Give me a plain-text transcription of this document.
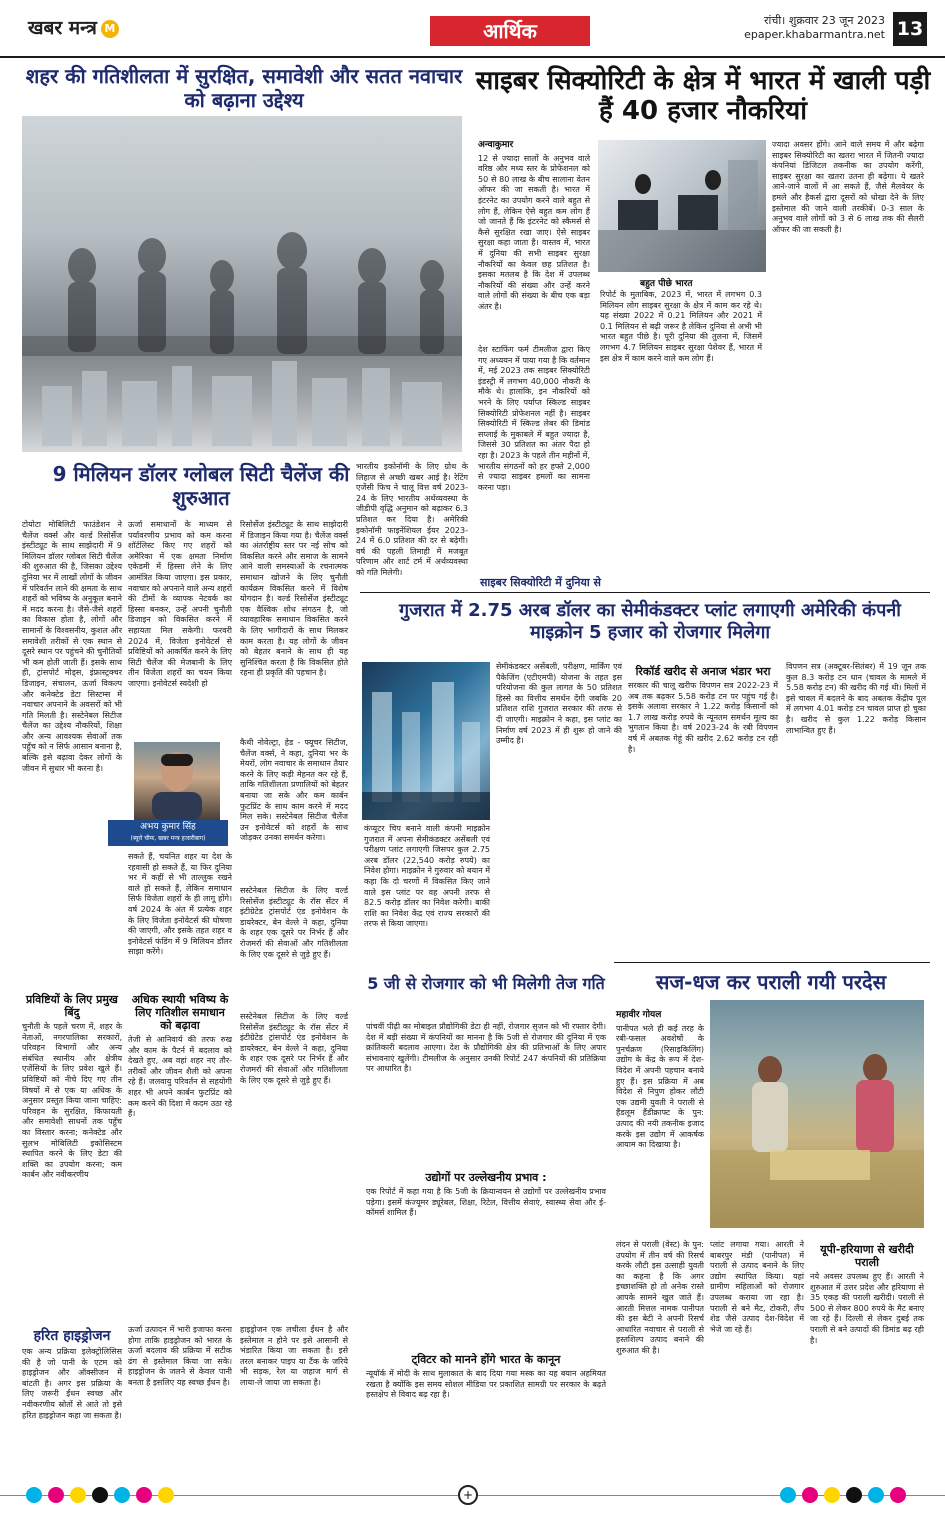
खबर मन्त्र M	आर्थिक	रांची। शुक्रवार 23 जून 2023
epaper.khabarmantra.net 13
शहर की गतिशीलता में सुरक्षित, समावेशी और सतत नवाचार को बढ़ाना उद्देश्य
9 मिलियन डॉलर ग्लोबल सिटी चैलेंज की शुरुआत
टोयोटा मोबिलिटी फाउंडेशन ने चैलेंज वर्क्स और वर्ल्ड रिसोर्सेज इंस्टीट्यूट के साथ साझेदारी में 9 मिलियन डॉलर ग्लोबल सिटी चैलेंज की शुरुआत की है, जिसका उद्देश्य दुनिया भर में लाखों लोगों के जीवन में परिवर्तन लाने की क्षमता के साथ शहरों को भविष्य के अनुकूल बनाने में मदद करना है। जैसे-जैसे शहरों का विकास होता है, लोगों और सामानों के विश्वसनीय, कुशल और समावेशी तरीकों से एक स्थान से दूसरे स्थान पर पहुंचने की चुनौतियों भी कम होती जाती हैं। इसके साथ ही, ट्रांसपोर्ट मोड्स, इंफ्रास्ट्रक्चर डिजाइन, संचालन, ऊर्जा विकल्प और कनेक्टेड डेटा सिस्टम्स में नवाचार अपनाने के अवसरों को भी गति मिलती है। सस्टेनेबल सिटीज चैलेंज का उद्देश्य नौकरियों, शिक्षा और अन्य आवश्यक सेवाओं तक पहुँच को न सिर्फ आसान बनाना है, बल्कि इसे बढ़ावा देकर लोगों के जीवन में सुधार भी करना है।
ऊर्जा समाधानों के माध्यम से पर्यावरणीय प्रभाव को कम करना शॉर्टलिस्ट किए गए शहरों को अमेरिका में एक क्षमता निर्माण एकेडमी में हिस्सा लेने के लिए आमंत्रित किया जाएगा। इस प्रकार, नवाचार को अपनाने वाले अन्य शहरों की टीमों के व्यापक नेटवर्क का हिस्सा बनकर, उन्हें अपनी चुनौती डिजाइन को विकसित करने में सहायता मिल सकेगी। फरवरी 2024 में, विजेता इनोवेटर्स से प्रविष्टियों को आकर्षित करने के लिए सिटी चैलेंज की मेजबानी के लिए तीन विजेता शहरों का चयन किया जाएगा। इनोवेटर्स स्वदेशी हो
रिसोर्सेज इंस्टीट्यूट के साथ साझेदारी में डिजाइन किया गया है। चैलेंज वर्क्स का अंतर्राष्ट्रीय स्तर पर नई सोच को विकसित करने और समाज के सामने आने वाली समस्याओं के रचनात्मक समाधान खोजने के लिए चुनौती कार्यक्रम विकसित करने में विशेष योगदान है। वर्ल्ड रिसोर्सेज इंस्टीट्यूट एक वैश्विक शोध संगठन है, जो व्यावहारिक समाधान विकसित करने के लिए भागीदारों के साथ मिलकर काम करता है। यह लोगों के जीवन को बेहतर बनाने के साथ ही यह सुनिश्चित करता है कि विकसित होते रहना ही प्रकृति की पहचान है।
भारतीय इकोनॉमी के लिए ग्रोथ के लिहाज से अच्छी खबर आई है। रेटिंग एजेंसी फिच ने चालू वित्त वर्ष 2023-24 के लिए भारतीय अर्थव्यवस्था के जीडीपी वृद्धि अनुमान को बढ़ाकर 6.3 प्रतिशत कर दिया है। अमेरिकी इकोनॉमी फाइनेंशियल ईयर 2023-24 में 6.0 प्रतिशत की दर से बढ़ेगी। वर्ष की पहली तिमाही में मजबूत परिणाम और शार्ट टर्म में अर्थव्यवस्था को गति मिलेगी।
अभय कुमार सिंह
(ब्यूरो चीफ, खबर मन्त्र हजारीबाग)
कैथी नोवेल्ट्रा, हेड - फ्यूचर सिटीज, चैलेंज वर्क्स, ने कहा, दुनिया भर के मेयरों, लोग नवाचार के समाधान तैयार करने के लिए कड़ी मेहनत कर रहे हैं, ताकि गतिशीलता प्रणालियों को बेहतर बनाया जा सके और कम कार्बन फुटप्रिंट के साथ काम करने में मदद मिल सके। सस्टेनेबल सिटीज चैलेंज उन इनोवेटर्स को शहरों के साथ जोड़कर उनका समर्थन करेगा।
सकते हैं, चयनित शहर या देश के रहवासी हो सकते हैं, या फिर दुनिया भर में कहीं से भी ताल्लुक रखने वाले हो सकते हैं, लेकिन समाधान सिर्फ विजेता शहरों के ही लागू होंगे। वर्ष 2024 के अंत में प्रत्येक शहर के लिए विजेता इनोवेटर्स की घोषणा की जाएगी, और इसके तहत शहर व इनोवेटर्स फंडिंग में 9 मिलियन डॉलर साझा करेंगे।
सस्टेनेबल सिटीज के लिए वर्ल्ड रिसोर्सेज इंस्टीट्यूट के रॉस सेंटर में इंटीग्रेटेड ट्रांसपोर्ट एंड इनोवेशन के डायरेक्टर, बेन वेल्ले ने कहा, दुनिया के शहर एक दूसरे पर निर्भर हैं और रोजमर्रा की सेवाओं और गतिशीलता के लिए एक दूसरे से जुड़े हुए हैं।
प्रविष्टियों के लिए प्रमुख बिंदु
चुनौती के पहले चरण में, शहर के नेताओं, नगरपालिका सरकारों, परिवहन विभागों और अन्य संबंधित स्थानीय और क्षेत्रीय एजेंसियों के लिए प्रवेश खुले हैं। प्रविष्टियों को नीचे दिए गए तीन विषयों में से एक या अधिक के अनुसार प्रस्तुत किया जाना चाहिए: परिवहन के सुरक्षित, किफायती और समावेशी साधनों तक पहुँच का विस्तार करना; कनेक्टेड और सुलभ मोबिलिटी इकोसिस्टम स्थापित करने के लिए डेटा की शक्ति का उपयोग करना; कम कार्बन और नवीकरणीय
अधिक स्थायी भविष्य के लिए गतिशील समाधान को बढ़ावा
तेजी से आनिवार्य की तरफ रुख और काम के पैटर्न में बदलाव को देखते हुए, अब वहां शहर नए तौर-तरीकों और जीवन शैली को अपना रहे हैं। जलवायु परिवर्तन से सहयोगी शहर भी अपने कार्बन फुटप्रिंट को कम करने की दिशा में कदम उठा रहे हैं।
सस्टेनेबल सिटीज के लिए वर्ल्ड रिसोर्सेज इंस्टीट्यूट के रॉस सेंटर में इंटीग्रेटेड ट्रांसपोर्ट एंड इनोवेशन के डायरेक्टर, बेन वेल्ले ने कहा, दुनिया के शहर एक दूसरे पर निर्भर हैं और रोजमर्रा की सेवाओं और गतिशीलता के लिए एक दूसरे से जुड़े हुए हैं।
हरित हाइड्रोजन
एक अन्य प्रक्रिया इलेक्ट्रोलिसिस की है जो पानी के एटम को हाइड्रोजन और ऑक्सीजन में बांटती है। अगर इस प्रक्रिया के लिए जरूरी ईंधन स्वच्छ और नवीकरणीय स्रोतों से आते तो इसे हरित हाइड्रोजन कहा जा सकता है।
ऊर्जा उत्पादन में भारी इजाफा करना होगा ताकि हाइड्रोजन को भारत के ऊर्जा बदलाव की प्रक्रिया में सटीक ढंग से इस्तेमाल किया जा सके। हाइड्रोजन के जलने से केवल पानी बनता है इसलिए यह स्वच्छ ईंधन है।
हाइड्रोजन एक लचीला ईंधन है और इस्तेमाल न होने पर इसे आसानी से भंडारित किया जा सकता है। इसे तरल बनाकर पाइप या टैंक के जरिये भी सड़क, रेल या जहाज मार्ग से लाया-ले जाया जा सकता है।
साइबर सिक्योरिटी के क्षेत्र में भारत में खाली पड़ी हैं 40 हजार नौकरियां
अन्वाकुमार
12 से ज्यादा सालों के अनुभव वाले वरिष्ठ और मध्य स्तर के प्रोफेशनल को 50 से 80 लाख के बीच सालाना वेतन ऑफर की जा सकती है। भारत में इंटरनेट का उपयोग करने वाले बहुत से लोग हैं, लेकिन ऐसे बहुत कम लोग हैं जो जानते हैं कि इंटरनेट को स्कैमर्स से कैसे सुरक्षित रखा जाए। ऐसे साइबर सुरक्षा कहा जाता है। वास्तव में, भारत में दुनिया की सभी साइबर सुरक्षा नौकरियों का केवल छह प्रतिशत है। इसका मतलब है कि देश में उपलब्ध नौकरियों की संख्या और उन्हें करने वाले लोगों की संख्या के बीच एक बड़ा अंतर है।
देश स्टाफिंग फर्म टीमलीज द्वारा किए गए अध्ययन में पाया गया है कि वर्तमान में, मई 2023 तक साइबर सिक्योरिटी इंडस्ट्री में लगभग 40,000 नौकरी के मौके थे। हालांकि, इन नौकरियों को भरने के लिए पर्याप्त स्किल्ड साइबर सिक्योरिटी प्रोफेशनल नहीं है। साइबर सिक्योरिटी में स्किल्ड लेबर की डिमांड सप्लाई के मुकाबले में बहुत ज्यादा है, जिससे 30 प्रतिशत का अंतर पैदा हो रहा है। 2023 के पहले तीन महीनों में, भारतीय संगठनों को हर हफ्ते 2,000 से ज्यादा साइबर हमलों का सामना करना पड़ा।
बहुत पीछे भारत
रिपोर्ट के मुताबिक, 2023 में, भारत में लगभग 0.3 मिलियन लोग साइबर सुरक्षा के क्षेत्र में काम कर रहे थे। यह संख्या 2022 में 0.21 मिलियन और 2021 में 0.1 मिलियन से बढ़ी जरूर है लेकिन दुनिया से अभी भी भारत बहुत पीछे है। पूरी दुनिया की तुलना में, जिसमें लगभग 4.7 मिलियन साइबर सुरक्षा पेशेवर हैं, भारत में इस क्षेत्र में काम करने वाले कम लोग हैं।
ज्यादा अवसर होंगे। आने वाले समय में और बढ़ेगा साइबर सिक्योरिटी का खतरा भारत में जितनी ज्यादा कंपनियां डिजिटल तकनीक का उपयोग करेंगी, साइबर सुरक्षा का खतरा उतना ही बढ़ेगा। ये खतरे आने-जाने वालों में आ सकते हैं, जैसे मैलवेयर के हमले और हैकर्स द्वारा दूसरों को धोखा देने के लिए इस्तेमाल की जाने वाली तरकीबें। 0-3 साल के अनुभव वाले लोगों को 3 से 6 लाख तक की सैलरी ऑफर की जा सकती है।
साइबर सिक्योरिटी में दुनिया से
गुजरात में 2.75 अरब डॉलर का सेमीकंडक्टर प्लांट लगाएगी अमेरिकी कंपनी माइक्रोन 5 हजार को रोजगार मिलेगा
कंप्यूटर चिप बनाने वाली कंपनी माइक्रोन गुजरात में अपना सेमीकंडक्टर असेंबली एवं परीक्षण प्लांट लगाएगी जिसपर कुल 2.75 अरब डॉलर (22,540 करोड़ रुपये) का निवेश होगा। माइक्रोन ने गुरुवार को बयान में कहा कि दो चरणों में विकसित किए जाने वाले इस प्लांट पर वह अपनी तरफ से 82.5 करोड़ डॉलर का निवेश करेगी। बाकी राशि का निवेश केंद्र एवं राज्य सरकारों की तरफ से किया जाएगा।
सेमीकंडक्टर असेंबली, परीक्षण, मार्किंग एवं पैकेजिंग (एटीएमपी) योजना के तहत इस परियोजना की कुल लागत के 50 प्रतिशत हिस्से का वित्तीय समर्थन देंगी जबकि 20 प्रतिशत राशि गुजरात सरकार की तरफ से दी जाएगी। माइक्रोन ने कहा, इस प्लांट का निर्माण वर्ष 2023 में ही शुरू हो जाने की उम्मीद है।
रिकॉर्ड खरीद से अनाज भंडार भरा
सरकार की चालू खरीफ विपणन सत्र 2022-23 में अब तक बढ़कर 5.58 करोड़ टन पर पहुंच गई है। इसके अलावा सरकार ने 1.22 करोड़ किसानों को 1.7 लाख करोड़ रुपये के न्यूनतम समर्थन मूल्य का भुगतान किया है। वर्ष 2023-24 के रबी विपणन वर्ष में अबतक गेहूं की खरीद 2.62 करोड़ टन रही है।
विपणन सत्र (अक्टूबर-सितंबर) में 19 जून तक कुल 8.3 करोड़ टन धान (चावल के मामले में 5.58 करोड़ टन) की खरीद की गई थी। मिलों में इसे चावल में बदलने के बाद अबतक केंद्रीय पूल में लगभग 4.01 करोड़ टन चावल प्राप्त हो चुका है। खरीद से कुल 1.22 करोड़ किसान लाभान्वित हुए हैं।
5 जी से रोजगार को भी मिलेगी तेज गति
पांचवीं पीढ़ी का मोबाइल प्रौद्योगिकी डेटा ही नहीं, रोजगार सृजन को भी रफ्तार देगी। देश में बड़ी संख्या में कंपनियों का मानना है कि 5जी से रोजगार की दुनिया में एक क्रांतिकारी बदलाव आएगा। देश के प्रौद्योगिकी क्षेत्र की प्रतिभाओं के लिए अपार संभावनाएं खुलेंगी। टीमलीज के अनुसार उनकी रिपोर्ट 247 कंपनियों की प्रतिक्रिया पर आधारित है।
उद्योगों पर उल्लेखनीय प्रभाव :
एक रिपोर्ट में कहा गया है कि 5जी के क्रियान्वयन से उद्योगों पर उल्लेखनीय प्रभाव पड़ेगा। इसमें कंज्यूमर ड्यूरेबल, शिक्षा, रिटेल, वित्तीय सेवाएं, स्वास्थ्य सेवा और ई-कॉमर्स शामिल हैं।
ट्विटर को मानने होंगे भारत के कानून
न्यूयॉर्क में मोदी के साथ मुलाकात के बाद दिया गया मस्क का यह बयान अहमियत रखता है क्योंकि इस समय सोशल मीडिया पर प्रकाशित सामग्री पर सरकार के बढ़ते हस्तक्षेप से विवाद बढ़ रहा है।
सज-धज कर पराली गयी परदेस
महावीर गोयल
पानीपत भले ही कई तरह के रबी-फसल अवशेषों के पुनर्चक्रण (रिसाइकिलिंग) उद्योग के केंद्र के रूप में देश-विदेश में अपनी पहचान बनाये हुए हैं। इस प्रक्रिया में अब विदेश से निपुण होकर लौटी एक उद्यमी युवती ने पराली से हैंडलूम हैंडीक्राफ्ट के पुन: उत्पाद की नयी तकनीक इजाद करके इस उद्योग में आकर्षक आयाम का दिखाया है।
लंदन से पराली (वेस्ट) के पुन: उपयोग में तीन वर्ष की रिसर्च करके लौटी इस उत्साही युवती का कहना है कि अगर इच्छाशक्ति हो तो अनेक रास्ते आपके सामने खुल जाते हैं। आरती मित्तल नामक पानीपत की इस बेटी ने अपनी रिसर्च आधारित नवाचार से पराली से हस्तशिल्प उत्पाद बनाने की शुरुआत की है।
प्लांट लगाया गया। आरती ने बाबरपुर मंडी (पानीपत) में पराली से उत्पाद बनाने के लिए उद्योग स्थापित किया। यहां ग्रामीण महिलाओं को रोजगार उपलब्ध कराया जा रहा है। पराली से बने मैट, टोकरी, लैंप शेड जैसे उत्पाद देश-विदेश में भेजे जा रहे हैं।
यूपी-हरियाणा से खरीदी पराली
नये अवसर उपलब्ध हुए हैं। आरती ने शुरुआत में उत्तर प्रदेश और हरियाणा से 35 एकड़ की पराली खरीदी। पराली से 500 से लेकर 800 रुपये के मैट बनाए जा रहे हैं। दिल्ली से लेकर दुबई तक पराली से बने उत्पादों की डिमांड बढ़ रही है।
+
